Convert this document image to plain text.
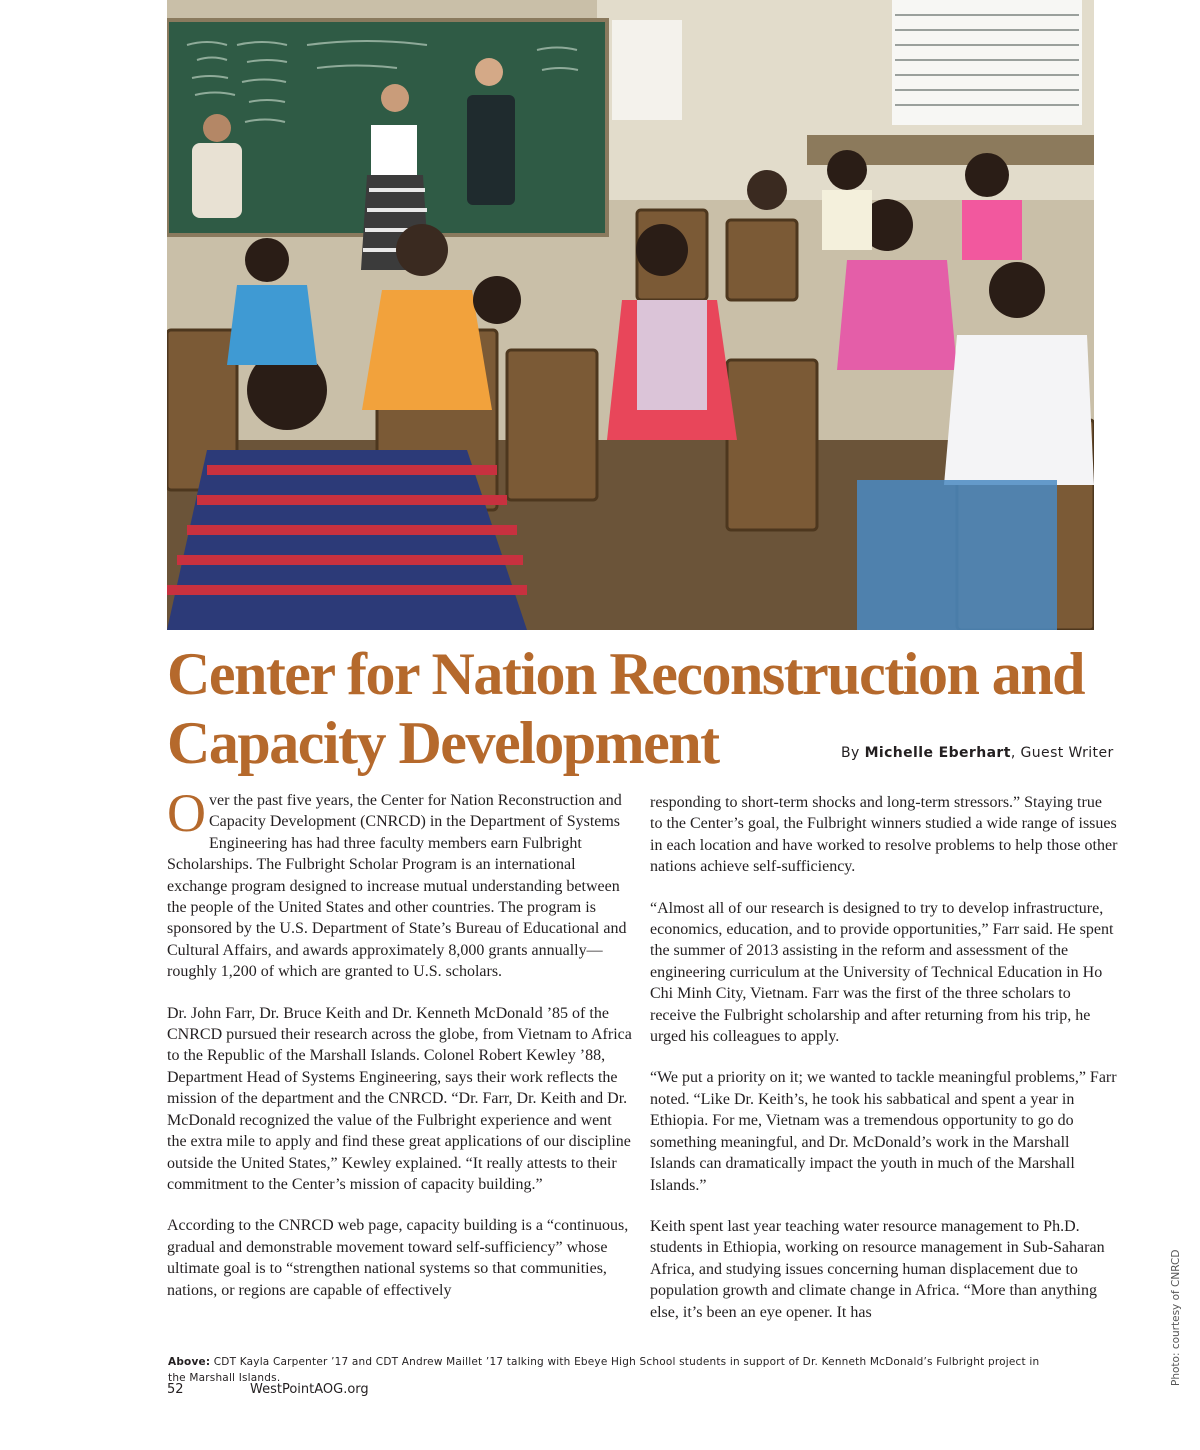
Photo: courtesy of CNRCD
Center for Nation Reconstruction and
Capacity Development	By Michelle Eberhart, Guest Writer

Over the past five years, the Center for Nation Reconstruction and Capacity Development (CNRCD) in the Department of Systems Engineering has had three faculty members earn Fulbright Scholarships. The Fulbright Scholar Program is an international exchange program designed to increase mutual understanding between the people of the United States and other countries. The program is sponsored by the U.S. Department of State’s Bureau of Educational and Cultural Affairs, and awards approximately 8,000 grants annually—roughly 1,200 of which are granted to U.S. scholars.

Dr. John Farr, Dr. Bruce Keith and Dr. Kenneth McDonald ’85 of the CNRCD pursued their research across the globe, from Vietnam to Africa to the Republic of the Marshall Islands. Colonel Robert Kewley ’88, Department Head of Systems Engineering, says their work reflects the mission of the department and the CNRCD. “Dr. Farr, Dr. Keith and Dr. McDonald recognized the value of the Fulbright experience and went the extra mile to apply and find these great applications of our discipline outside the United States,” Kewley explained. “It really attests to their commitment to the Center’s mission of capacity building.”

According to the CNRCD web page, capacity building is a “continuous, gradual and demonstrable movement toward self-sufficiency” whose ultimate goal is to “strengthen national systems so that communities, nations, or regions are capable of effectively

responding to short-term shocks and long-term stressors.” Staying true to the Center’s goal, the Fulbright winners studied a wide range of issues in each location and have worked to resolve problems to help those other nations achieve self-sufficiency.

“Almost all of our research is designed to try to develop infrastructure, economics, education, and to provide opportunities,” Farr said. He spent the summer of 2013 assisting in the reform and assessment of the engineering curriculum at the University of Technical Education in Ho Chi Minh City, Vietnam. Farr was the first of the three scholars to receive the Fulbright scholarship and after returning from his trip, he urged his colleagues to apply.

“We put a priority on it; we wanted to tackle meaningful problems,” Farr noted. “Like Dr. Keith’s, he took his sabbatical and spent a year in Ethiopia. For me, Vietnam was a tremendous opportunity to go do something meaningful, and Dr. McDonald’s work in the Marshall Islands can dramatically impact the youth in much of the Marshall Islands.”

Keith spent last year teaching water resource management to Ph.D. students in Ethiopia, working on resource management in Sub-Saharan Africa, and studying issues concerning human displacement due to population growth and climate change in Africa. “More than anything else, it’s been an eye opener. It has

Above: CDT Kayla Carpenter ’17 and CDT Andrew Maillet ’17 talking with Ebeye High School students in support of Dr. Kenneth McDonald’s Fulbright project in the Marshall Islands.
52	WestPointAOG.org
